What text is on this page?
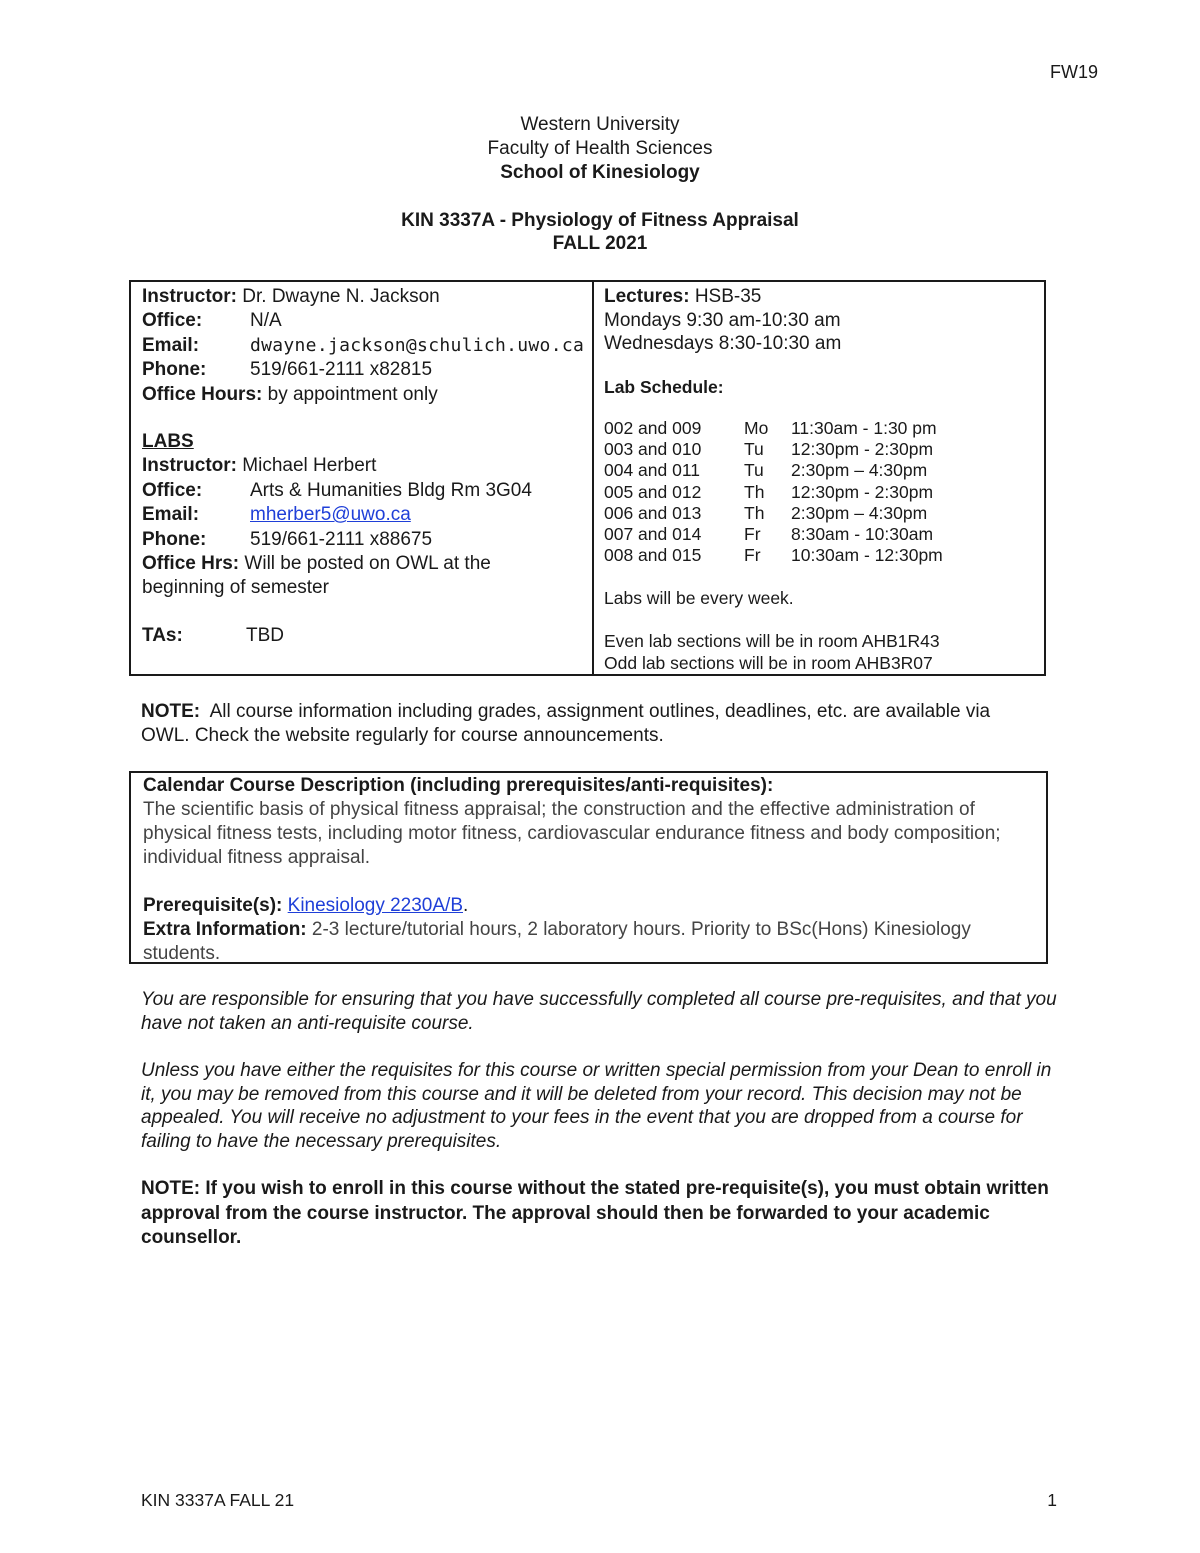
FW19
Western University
Faculty of Health Sciences
School of Kinesiology
KIN 3337A - Physiology of Fitness Appraisal
FALL 2021
Instructor:
Dr. Dwayne N. Jackson
Office:	N/A
Email:	dwayne.jackson@schulich.uwo.ca
Phone:	519/661-2111 x82815
Office Hours:
by appointment only
LABS
Instructor:
Michael Herbert
Office:	Arts & Humanities Bldg Rm 3G04
Email:	mherber5@uwo.ca
Phone:	519/661-2111 x88675
Office Hrs:
Will be posted on OWL at the
beginning of semester
TAs:	TBD
Lectures:
HSB-35
Mondays 9:30 am-10:30 am
Wednesdays 8:30-10:30 am
Lab Schedule:
002 and 009	Mo	11:30am - 1:30 pm
003 and 010	Tu	12:30pm - 2:30pm
004 and 011	Tu	2:30pm – 4:30pm
005 and 012	Th	12:30pm - 2:30pm
006 and 013	Th	2:30pm – 4:30pm
007 and 014	Fr	8:30am - 10:30am
008 and 015	Fr	10:30am - 12:30pm
Labs will be every week.
Even lab sections will be in room AHB1R43
Odd lab sections will be in room AHB3R07
NOTE: All course information including grades, assignment outlines, deadlines, etc. are available via OWL. Check the website regularly for course announcements.
Calendar Course Description (including prerequisites/anti-requisites):
The scientific basis of physical fitness appraisal; the construction and the effective administration of physical fitness tests, including motor fitness, cardiovascular endurance fitness and body composition; individual fitness appraisal.
Prerequisite(s): Kinesiology 2230A/B.
Extra Information: 2-3 lecture/tutorial hours, 2 laboratory hours. Priority to BSc(Hons) Kinesiology students.
You are responsible for ensuring that you have successfully completed all course pre-requisites, and that you have not taken an anti-requisite course.
Unless you have either the requisites for this course or written special permission from your Dean to enroll in it, you may be removed from this course and it will be deleted from your record. This decision may not be appealed. You will receive no adjustment to your fees in the event that you are dropped from a course for failing to have the necessary prerequisites.
NOTE: If you wish to enroll in this course without the stated pre-requisite(s), you must obtain written approval from the course instructor. The approval should then be forwarded to your academic counsellor.
KIN 3337A FALL 21	1
